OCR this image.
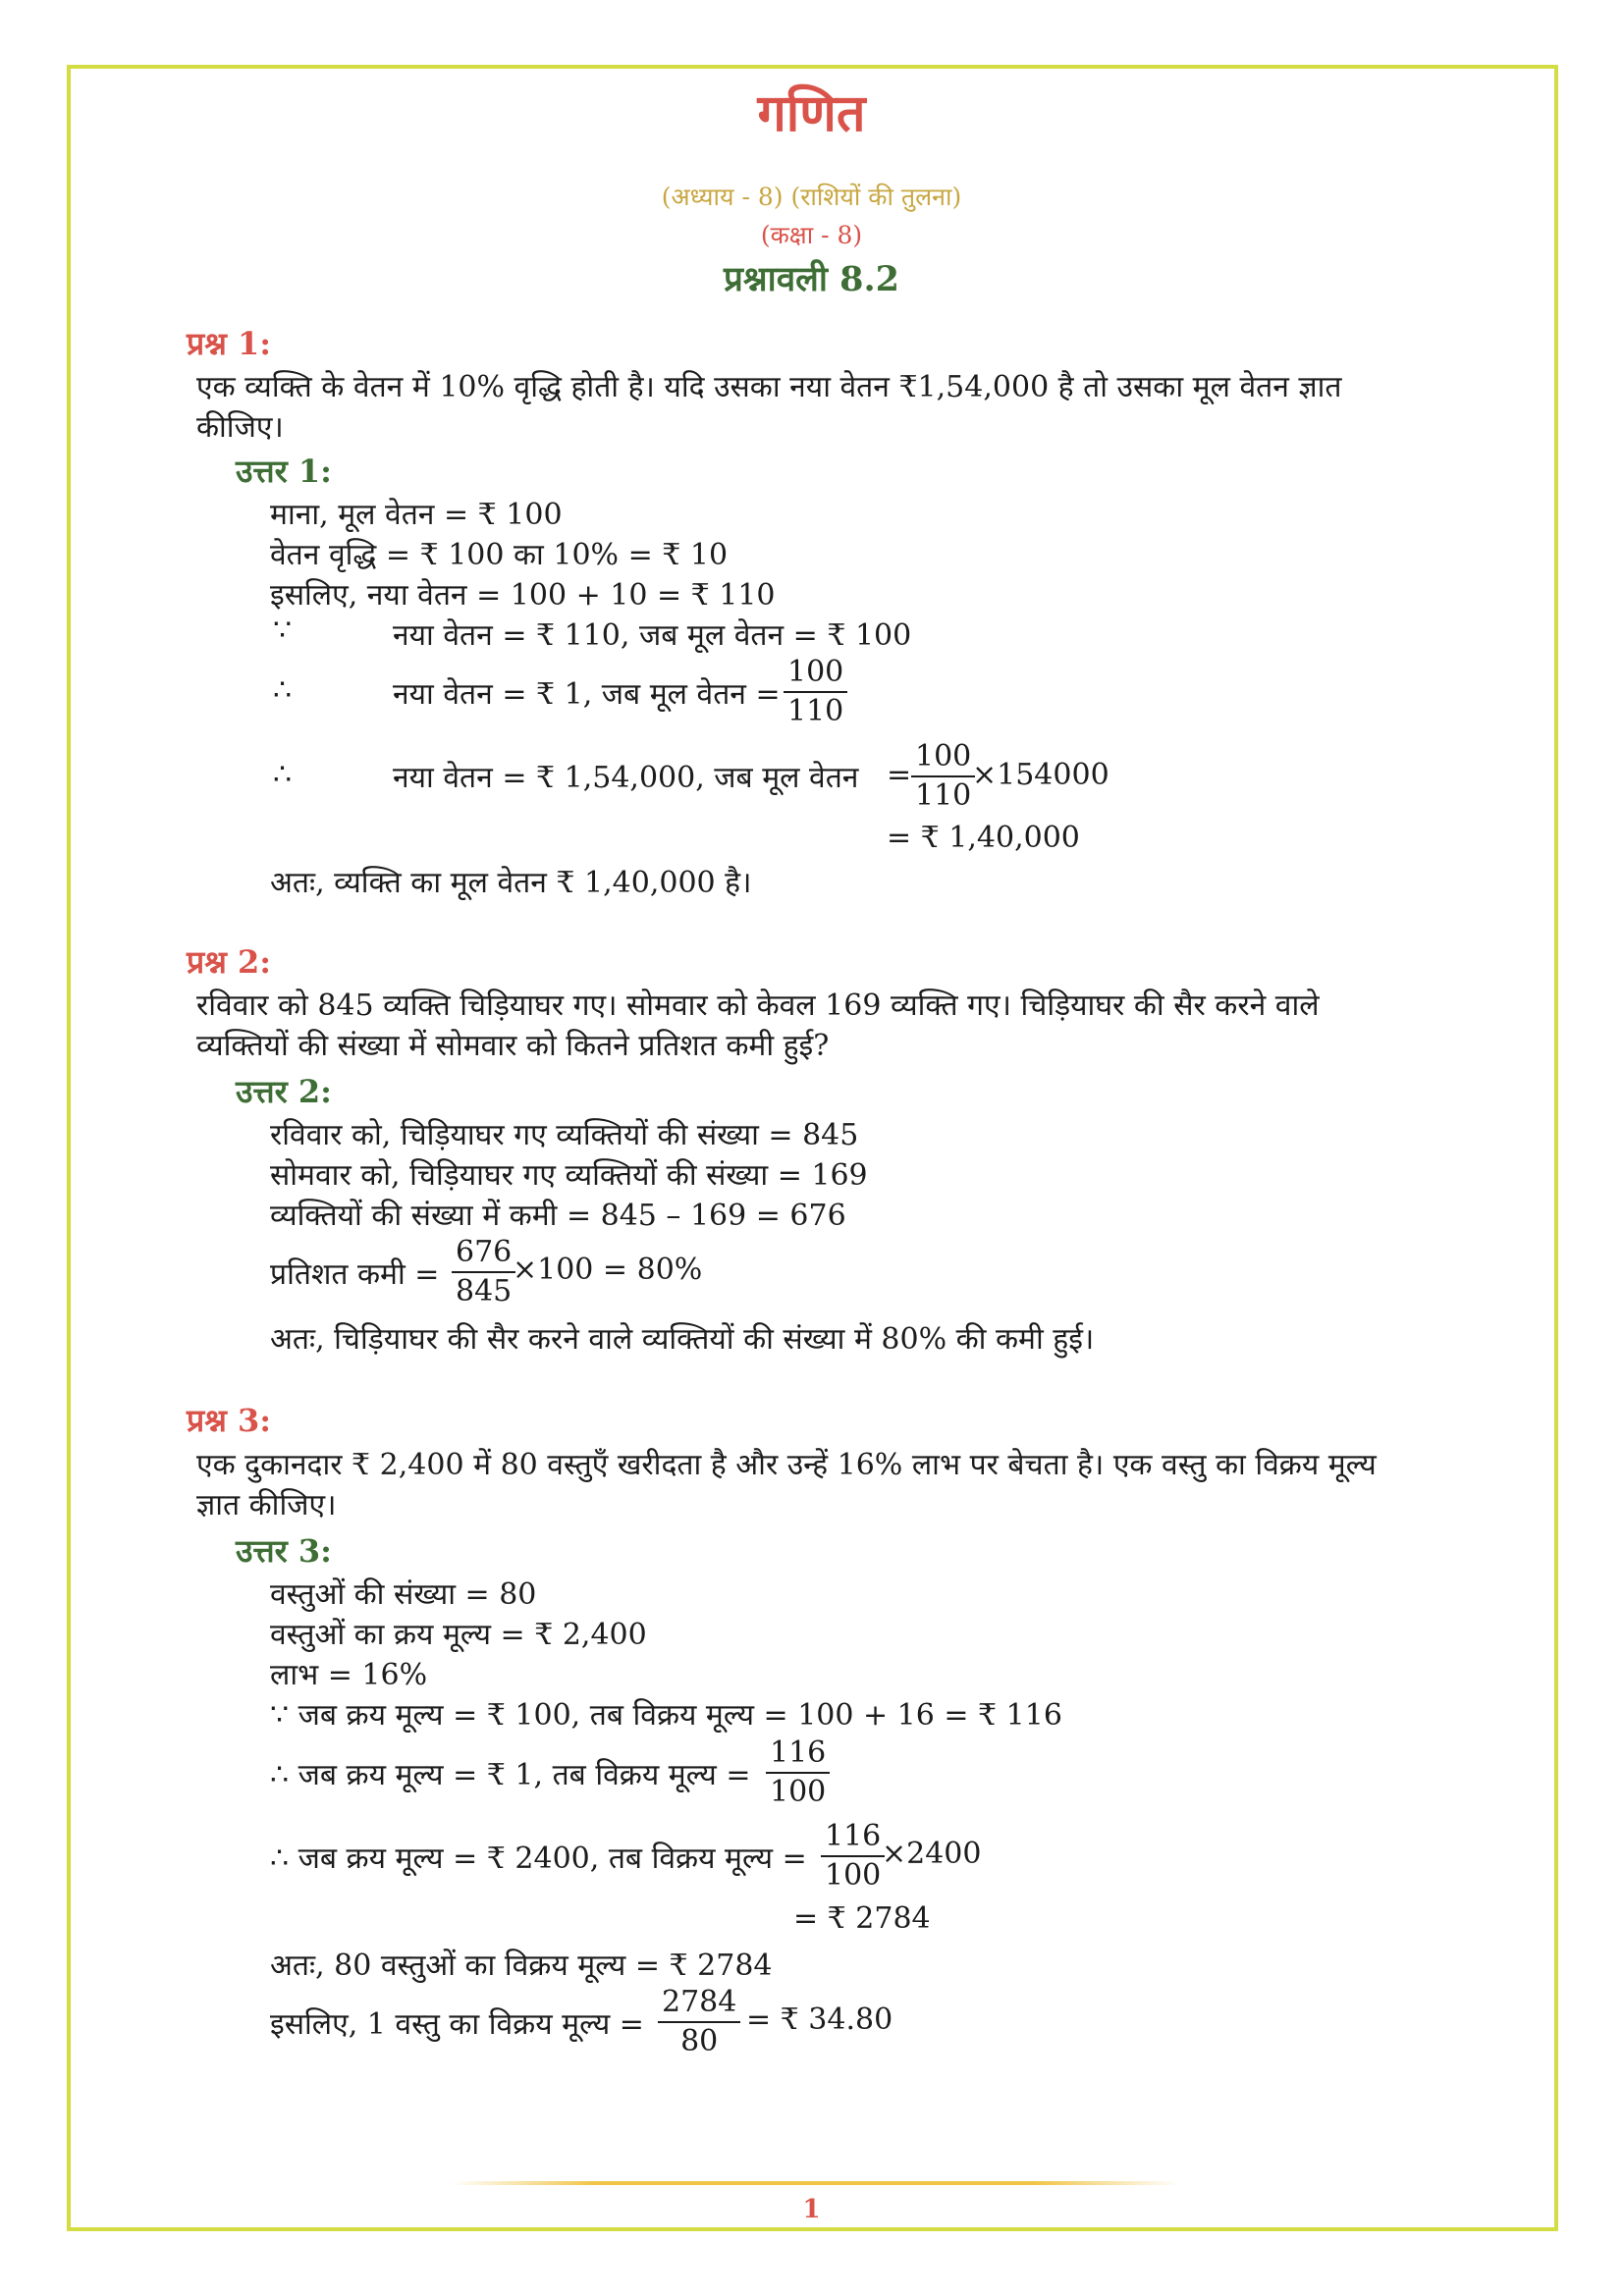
गणित
(अध्याय - 8) (राशियों की तुलना)
(कक्षा - 8)
प्रश्नावली 8.2
प्रश्न 1:
एक व्यक्ति के वेतन में 10% वृद्धि होती है। यदि उसका नया वेतन ₹1,54,000 है तो उसका मूल वेतन ज्ञात
कीजिए।
उत्तर 1:
माना, मूल वेतन = ₹ 100
वेतन वृद्धि = ₹ 100 का 10% = ₹ 10
इसलिए, नया वेतन = 100 + 10 = ₹ 110
∵	नया वेतन = ₹ 110, जब मूल वेतन = ₹ 100
∴	नया वेतन = ₹ 1, जब मूल वेतन = $\frac{100}{110}$
∴	नया वेतन = ₹ 1,54,000, जब मूल वेतन = $\frac{100}{110}$
×154000
= ₹ 1,40,000
अतः, व्यक्ति का मूल वेतन ₹ 1,40,000 है।
प्रश्न 2:
रविवार को 845 व्यक्ति चिड़ियाघर गए। सोमवार को केवल 169 व्यक्ति गए। चिड़ियाघर की सैर करने वाले
व्यक्तियों की संख्या में सोमवार को कितने प्रतिशत कमी हुई?
उत्तर 2:
रविवार को, चिड़ियाघर गए व्यक्तियों की संख्या = 845
सोमवार को, चिड़ियाघर गए व्यक्तियों की संख्या = 169
व्यक्तियों की संख्या में कमी = 845 – 169 = 676
प्रतिशत कमी = $\frac{676}{845}$
×100 = 80%
अतः, चिड़ियाघर की सैर करने वाले व्यक्तियों की संख्या में 80% की कमी हुई।
प्रश्न 3:
एक दुकानदार ₹ 2,400 में 80 वस्तुएँ खरीदता है और उन्हें 16% लाभ पर बेचता है। एक वस्तु का विक्रय मूल्य
ज्ञात कीजिए।
उत्तर 3:
वस्तुओं की संख्या = 80
वस्तुओं का क्रय मूल्य = ₹ 2,400
लाभ = 16%
∵ जब क्रय मूल्य = ₹ 100, तब विक्रय मूल्य = 100 + 16 = ₹ 116
∴ जब क्रय मूल्य = ₹ 1, तब विक्रय मूल्य = $\frac{116}{100}$
∴ जब क्रय मूल्य = ₹ 2400, तब विक्रय मूल्य = $\frac{116}{100}$
×2400
= ₹ 2784
अतः, 80 वस्तुओं का विक्रय मूल्य = ₹ 2784
इसलिए, 1 वस्तु का विक्रय मूल्य = $\frac{2784}{80}$ = ₹ 34.80
1
